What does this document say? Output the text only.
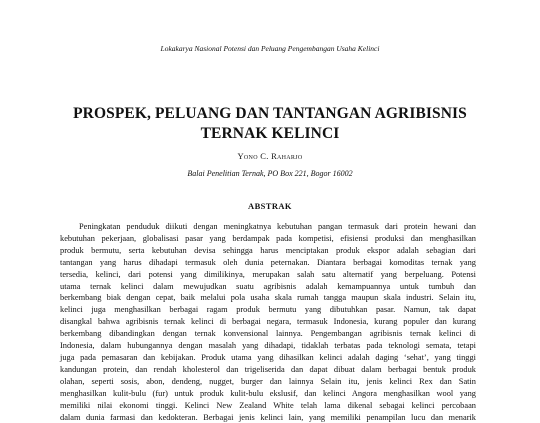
Lokakarya Nasional Potensi dan Peluang Pengembangan Usaha Kelinci
PROSPEK, PELUANG DAN TANTANGAN AGRIBISNIS
TERNAK KELINCI
Yono C. Raharjo
Balai Penelitian Ternak, PO Box 221, Bogor 16002
ABSTRAK
Peningkatan penduduk diikuti dengan meningkatnya kebutuhan pangan termasuk dari protein hewani dan
kebutuhan pekerjaan, globalisasi pasar yang berdampak pada kompetisi, efisiensi produksi dan menghasilkan
produk bermutu, serta kebutuhan devisa sehingga harus menciptakan produk ekspor adalah sebagian dari
tantangan yang harus dihadapi termasuk oleh dunia peternakan. Diantara berbagai komoditas ternak yang
tersedia, kelinci, dari potensi yang dimilikinya, merupakan salah satu alternatif yang berpeluang. Potensi
utama ternak kelinci dalam mewujudkan suatu agribisnis adalah kemampuannya untuk tumbuh dan
berkembang biak dengan cepat, baik melalui pola usaha skala rumah tangga maupun skala industri. Selain itu,
kelinci juga menghasilkan berbagai ragam produk bermutu yang dibutuhkan pasar. Namun, tak dapat
disangkal bahwa agribisnis ternak kelinci di berbagai negara, termasuk Indonesia, kurang populer dan kurang
berkembang dibandingkan dengan ternak konvensional lainnya. Pengembangan agribisnis ternak kelinci di
Indonesia, dalam hubungannya dengan masalah yang dihadapi, tidaklah terbatas pada teknologi semata, tetapi
juga pada pemasaran dan kebijakan. Produk utama yang dihasilkan kelinci adalah daging ‘sehat’, yang tinggi
kandungan protein, dan rendah kholesterol dan trigeliserida dan dapat dibuat dalam berbagai bentuk produk
olahan, seperti sosis, abon, dendeng, nugget, burger dan lainnya Selain itu, jenis kelinci Rex dan Satin
menghasilkan kulit-bulu (fur) untuk produk kulit-bulu ekslusif, dan kelinci Angora menghasilkan wool yang
memiliki nilai ekonomi tinggi. Kelinci New Zealand White telah lama dikenal sebagai kelinci percobaan
dalam dunia farmasi dan kedokteran. Berbagai jenis kelinci lain, yang memiliki penampilan lucu dan menarik
